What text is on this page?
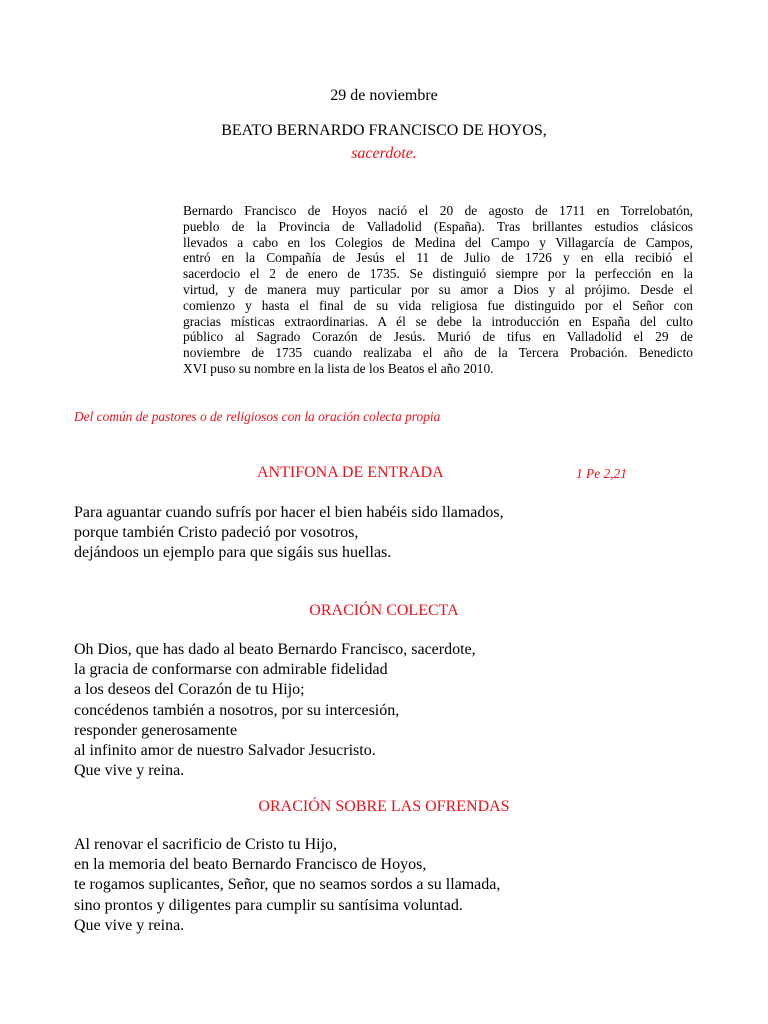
29 de noviembre
BEATO BERNARDO FRANCISCO DE HOYOS,
sacerdote.
Bernardo Francisco de Hoyos nació el 20 de agosto de 1711 en Torrelobatón,
pueblo de la Provincia de Valladolid (España). Tras brillantes estudios clásicos
llevados a cabo en los Colegios de Medina del Campo y Villagarcía de Campos,
entró en la Compañía de Jesús el 11 de Julio de 1726 y en ella recibió el
sacerdocio el 2 de enero de 1735. Se distinguió siempre por la perfección en la
virtud, y de manera muy particular por su amor a Dios y al prójimo. Desde el
comienzo y hasta el final de su vida religiosa fue distinguido por el Señor con
gracias místicas extraordinarias. A él se debe la introducción en España del culto
público al Sagrado Corazón de Jesús. Murió de tifus en Valladolid el 29 de
noviembre de 1735 cuando realizaba el año de la Tercera Probación. Benedicto
XVI puso su nombre en la lista de los Beatos el año 2010.
Del común de pastores o de religiosos con la oración colecta propia
ANTIFONA DE ENTRADA	1 Pe 2,21
Para aguantar cuando sufrís por hacer el bien habéis sido llamados,
porque también Cristo padeció por vosotros,
dejándoos un ejemplo para que sigáis sus huellas.
ORACIÓN COLECTA
Oh Dios, que has dado al beato Bernardo Francisco, sacerdote,
la gracia de conformarse con admirable fidelidad
a los deseos del Corazón de tu Hijo;
concédenos también a nosotros, por su intercesión,
responder generosamente
al infinito amor de nuestro Salvador Jesucristo.
Que vive y reina.
ORACIÓN SOBRE LAS OFRENDAS
Al renovar el sacrificio de Cristo tu Hijo,
en la memoria del beato Bernardo Francisco de Hoyos,
te rogamos suplicantes, Señor, que no seamos sordos a su llamada,
sino prontos y diligentes para cumplir su santísima voluntad.
Que vive y reina.
